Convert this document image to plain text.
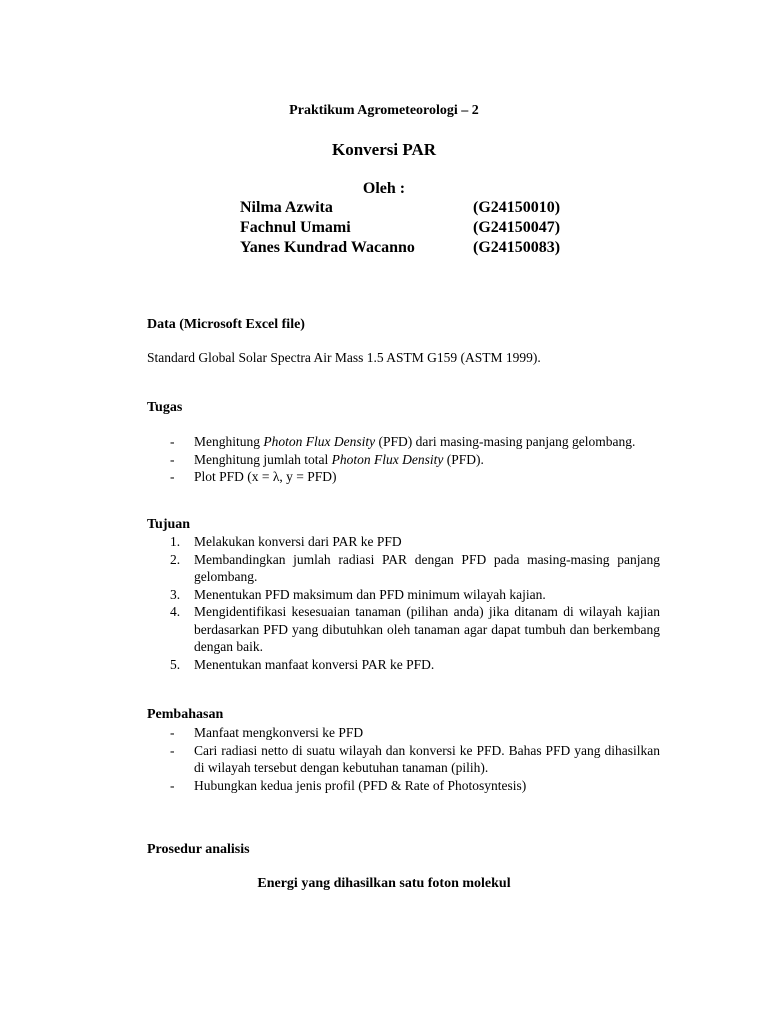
Praktikum Agrometeorologi – 2
Konversi PAR
Oleh :
Nilma Azwita	(G24150010)
Fachnul Umami	(G24150047)
Yanes Kundrad Wacanno	(G24150083)
Data (Microsoft Excel file)
Standard Global Solar Spectra Air Mass 1.5 ASTM G159 (ASTM 1999).
Tugas
-	Menghitung Photon Flux Density (PFD) dari masing-masing panjang gelombang.
-	Menghitung jumlah total Photon Flux Density (PFD).
-	Plot PFD (x = λ, y = PFD)
Tujuan
1.	Melakukan konversi dari PAR ke PFD
2.	Membandingkan jumlah radiasi PAR dengan PFD pada masing-masing panjang gelombang.
3.	Menentukan PFD maksimum dan PFD minimum wilayah kajian.
4.	Mengidentifikasi kesesuaian tanaman (pilihan anda) jika ditanam di wilayah kajian berdasarkan PFD yang dibutuhkan oleh tanaman agar dapat tumbuh dan berkembang dengan baik.
5.	Menentukan manfaat konversi PAR ke PFD.
Pembahasan
-	Manfaat mengkonversi ke PFD
-	Cari radiasi netto di suatu wilayah dan konversi ke PFD. Bahas PFD yang dihasilkan di wilayah tersebut dengan kebutuhan tanaman (pilih).
-	Hubungkan kedua jenis profil (PFD & Rate of Photosyntesis)
Prosedur analisis
Energi yang dihasilkan satu foton molekul
